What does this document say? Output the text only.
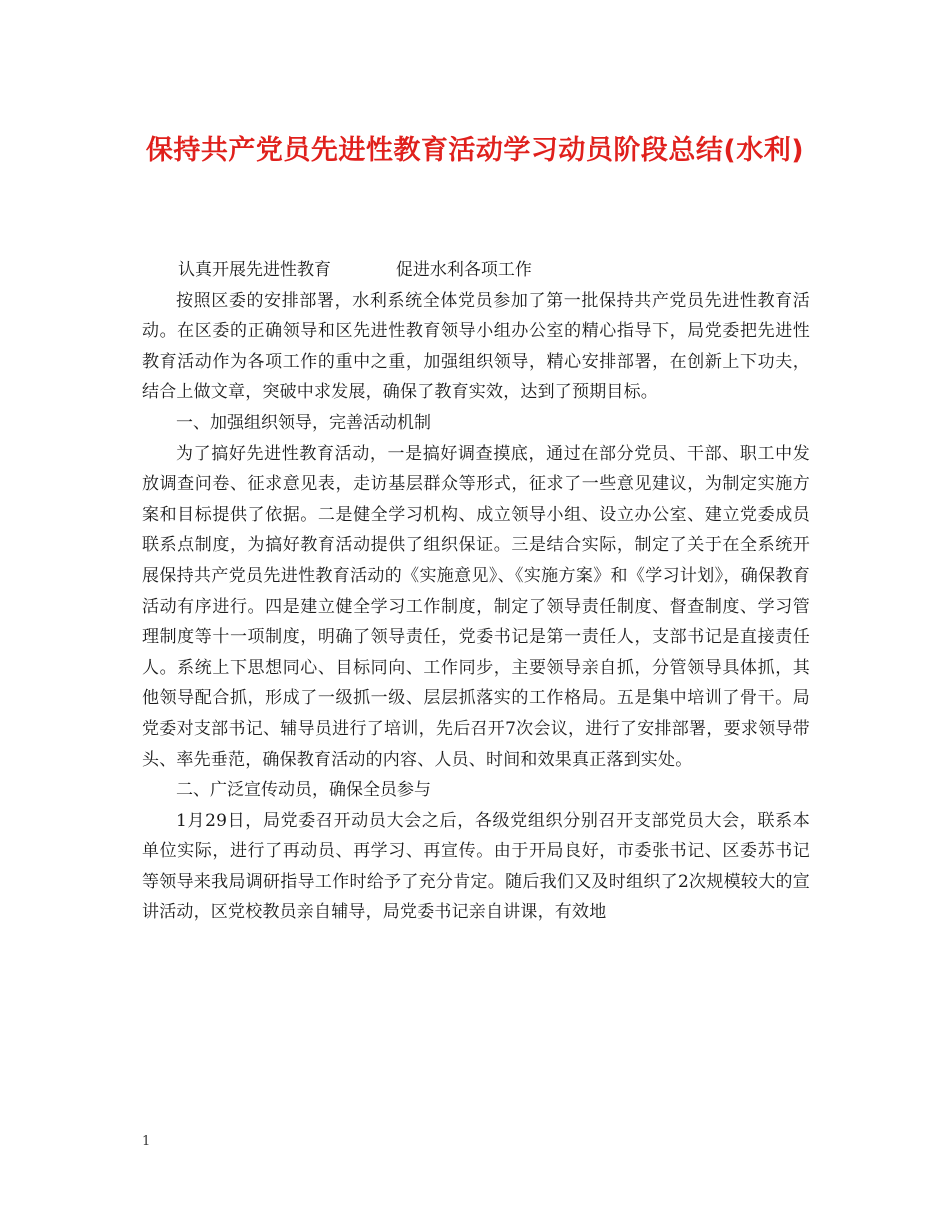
保持共产党员先进性教育活动学习动员阶段总结(水利)

认真开展先进性教育            促进水利各项工作

按照区委的安排部署，水利系统全体党员参加了第一批保持共产党员先进性教育活动。在区委的正确领导和区先进性教育领导小组办公室的精心指导下，局党委把先进性教育活动作为各项工作的重中之重，加强组织领导，精心安排部署，在创新上下功夫，结合上做文章，突破中求发展，确保了教育实效，达到了预期目标。

一、加强组织领导，完善活动机制

为了搞好先进性教育活动，一是搞好调查摸底，通过在部分党员、干部、职工中发放调查问卷、征求意见表，走访基层群众等形式，征求了一些意见建议，为制定实施方案和目标提供了依据。二是健全学习机构、成立领导小组、设立办公室、建立党委成员联系点制度，为搞好教育活动提供了组织保证。三是结合实际，制定了关于在全系统开展保持共产党员先进性教育活动的《实施意见》、《实施方案》和《学习计划》，确保教育活动有序进行。四是建立健全学习工作制度，制定了领导责任制度、督查制度、学习管理制度等十一项制度，明确了领导责任，党委书记是第一责任人，支部书记是直接责任人。系统上下思想同心、目标同向、工作同步，主要领导亲自抓，分管领导具体抓，其他领导配合抓，形成了一级抓一级、层层抓落实的工作格局。五是集中培训了骨干。局党委对支部书记、辅导员进行了培训，先后召开7次会议，进行了安排部署，要求领导带头、率先垂范，确保教育活动的内容、人员、时间和效果真正落到实处。

二、广泛宣传动员，确保全员参与

1月29日，局党委召开动员大会之后，各级党组织分别召开支部党员大会，联系本单位实际，进行了再动员、再学习、再宣传。由于开局良好，市委张书记、区委苏书记等领导来我局调研指导工作时给予了充分肯定。随后我们又及时组织了2次规模较大的宣讲活动，区党校教员亲自辅导，局党委书记亲自讲课，有效地

1
